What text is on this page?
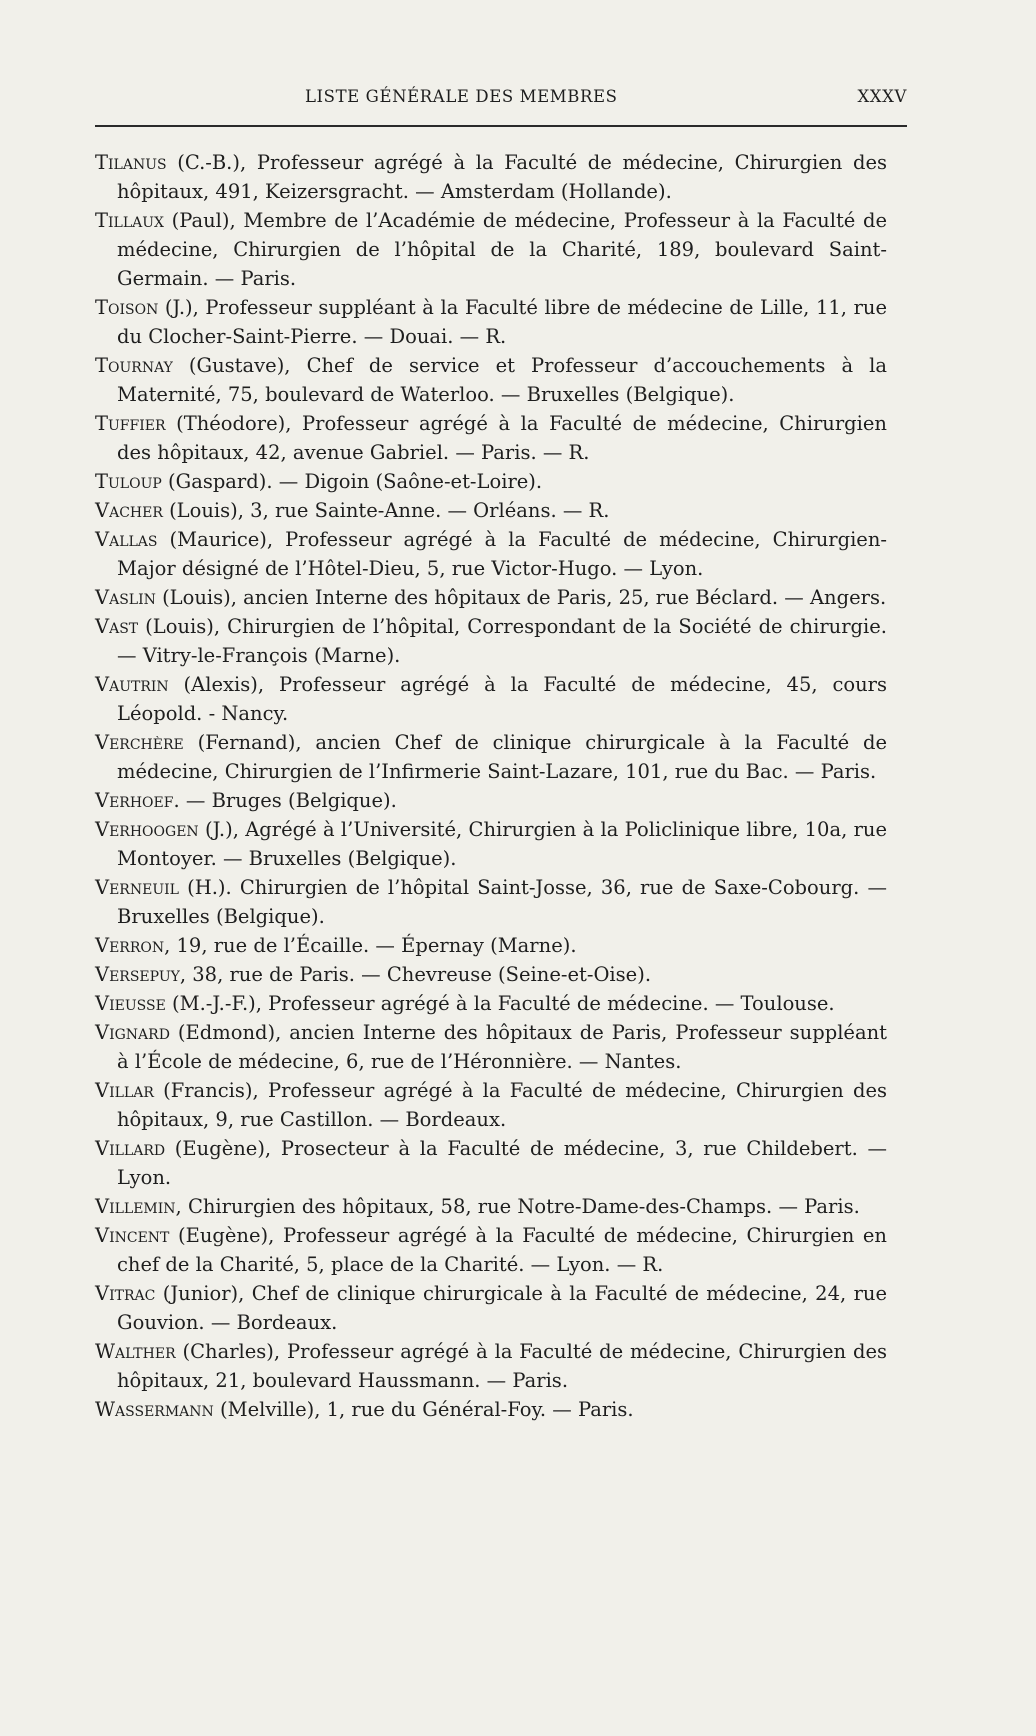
LISTE GÉNÉRALE DES MEMBRES	XXXV
Tilanus (C.-B.), Professeur agrégé à la Faculté de médecine, Chirurgien des hôpitaux, 491, Keizersgracht. — Amsterdam (Hollande).
Tillaux (Paul), Membre de l’Académie de médecine, Professeur à la Faculté de médecine, Chirurgien de l’hôpital de la Charité, 189, boulevard Saint-Germain. — Paris.
Toison (J.), Professeur suppléant à la Faculté libre de médecine de Lille, 11, rue du Clocher-Saint-Pierre. — Douai. — R.
Tournay (Gustave), Chef de service et Professeur d’accouchements à la Maternité, 75, boulevard de Waterloo. — Bruxelles (Belgique).
Tuffier (Théodore), Professeur agrégé à la Faculté de médecine, Chirurgien des hôpitaux, 42, avenue Gabriel. — Paris. — R.
Tuloup (Gaspard). — Digoin (Saône-et-Loire).
Vacher (Louis), 3, rue Sainte-Anne. — Orléans. — R.
Vallas (Maurice), Professeur agrégé à la Faculté de médecine, Chirurgien-Major désigné de l’Hôtel-Dieu, 5, rue Victor-Hugo. — Lyon.
Vaslin (Louis), ancien Interne des hôpitaux de Paris, 25, rue Béclard. — Angers.
Vast (Louis), Chirurgien de l’hôpital, Correspondant de la Société de chirurgie. — Vitry-le-François (Marne).
Vautrin (Alexis), Professeur agrégé à la Faculté de médecine, 45, cours Léopold. - Nancy.
Verchère (Fernand), ancien Chef de clinique chirurgicale à la Faculté de médecine, Chirurgien de l’Infirmerie Saint-Lazare, 101, rue du Bac. — Paris.
Verhoef. — Bruges (Belgique).
Verhoogen (J.), Agrégé à l’Université, Chirurgien à la Policlinique libre, 10a, rue Montoyer. — Bruxelles (Belgique).
Verneuil (H.). Chirurgien de l’hôpital Saint-Josse, 36, rue de Saxe-Cobourg. — Bruxelles (Belgique).
Verron, 19, rue de l’Écaille. — Épernay (Marne).
Versepuy, 38, rue de Paris. — Chevreuse (Seine-et-Oise).
Vieusse (M.-J.-F.), Professeur agrégé à la Faculté de médecine. — Toulouse.
Vignard (Edmond), ancien Interne des hôpitaux de Paris, Professeur suppléant à l’École de médecine, 6, rue de l’Héronnière. — Nantes.
Villar (Francis), Professeur agrégé à la Faculté de médecine, Chirurgien des hôpitaux, 9, rue Castillon. — Bordeaux.
Villard (Eugène), Prosecteur à la Faculté de médecine, 3, rue Childebert. — Lyon.
Villemin, Chirurgien des hôpitaux, 58, rue Notre-Dame-des-Champs. — Paris.
Vincent (Eugène), Professeur agrégé à la Faculté de médecine, Chirurgien en chef de la Charité, 5, place de la Charité. — Lyon. — R.
Vitrac (Junior), Chef de clinique chirurgicale à la Faculté de médecine, 24, rue Gouvion. — Bordeaux.
Walther (Charles), Professeur agrégé à la Faculté de médecine, Chirurgien des hôpitaux, 21, boulevard Haussmann. — Paris.
Wassermann (Melville), 1, rue du Général-Foy. — Paris.
